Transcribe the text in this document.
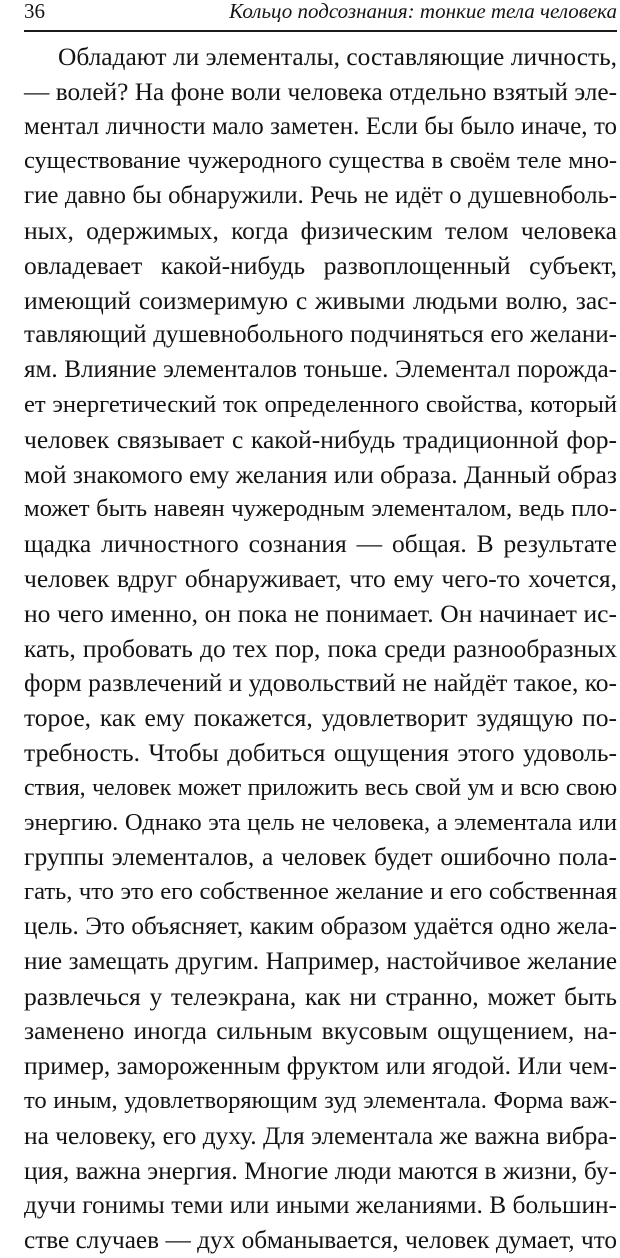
36	Кольцо подсознания: тонкие тела человека
Обладают ли элементалы, составляющие личность,
— волей? На фоне воли человека отдельно взятый эле-
ментал личности мало заметен. Если бы было иначе, то
существование чужеродного существа в своём теле мно-
гие давно бы обнаружили. Речь не идёт о душевноболь-
ных, одержимых, когда физическим телом человека
овладевает какой-нибудь развоплощенный субъект,
имеющий соизмеримую с живыми людьми волю, зас-
тавляющий душевнобольного подчиняться его желани-
ям. Влияние элементалов тоньше. Элементал порождa-
ет энергетический ток определенного свойства, который
человек связывает с какой-нибудь традиционной фор-
мой знакомого ему желания или образа. Данный образ
может быть навеян чужеродным элементалом, ведь пло-
щадка личностного сознания — общая. В результате
человек вдруг обнаруживает, что ему чего-то хочется,
но чего именно, он пока не понимает. Он начинает ис-
кать, пробовать до тех пор, пока среди разнообразных
форм развлечений и удовольствий не найдёт такое, ко-
торое, как ему покажется, удовлетворит зудящую по-
требность. Чтобы добиться ощущения этого удоволь-
ствия, человек может приложить весь свой ум и всю свою
энергию. Однако эта цель не человека, а элементала или
группы элементалов, а человек будет ошибочно пола-
гать, что это его собственное желание и его собственная
цель. Это объясняет, каким образом удаётся одно жела-
ние замещать другим. Например, настойчивое желание
развлечься у телеэкрана, как ни странно, может быть
заменено иногда сильным вкусовым ощущением, на-
пример, замороженным фруктом или ягодой. Или чем-
то иным, удовлетворяющим зуд элементала. Форма важ-
на человеку, его духу. Для элементала же важна вибра-
ция, важна энергия. Многие люди маются в жизни, бу-
дучи гонимы теми или иными желаниями. В большин-
стве случаев — дух обманывается, человек думает, что
